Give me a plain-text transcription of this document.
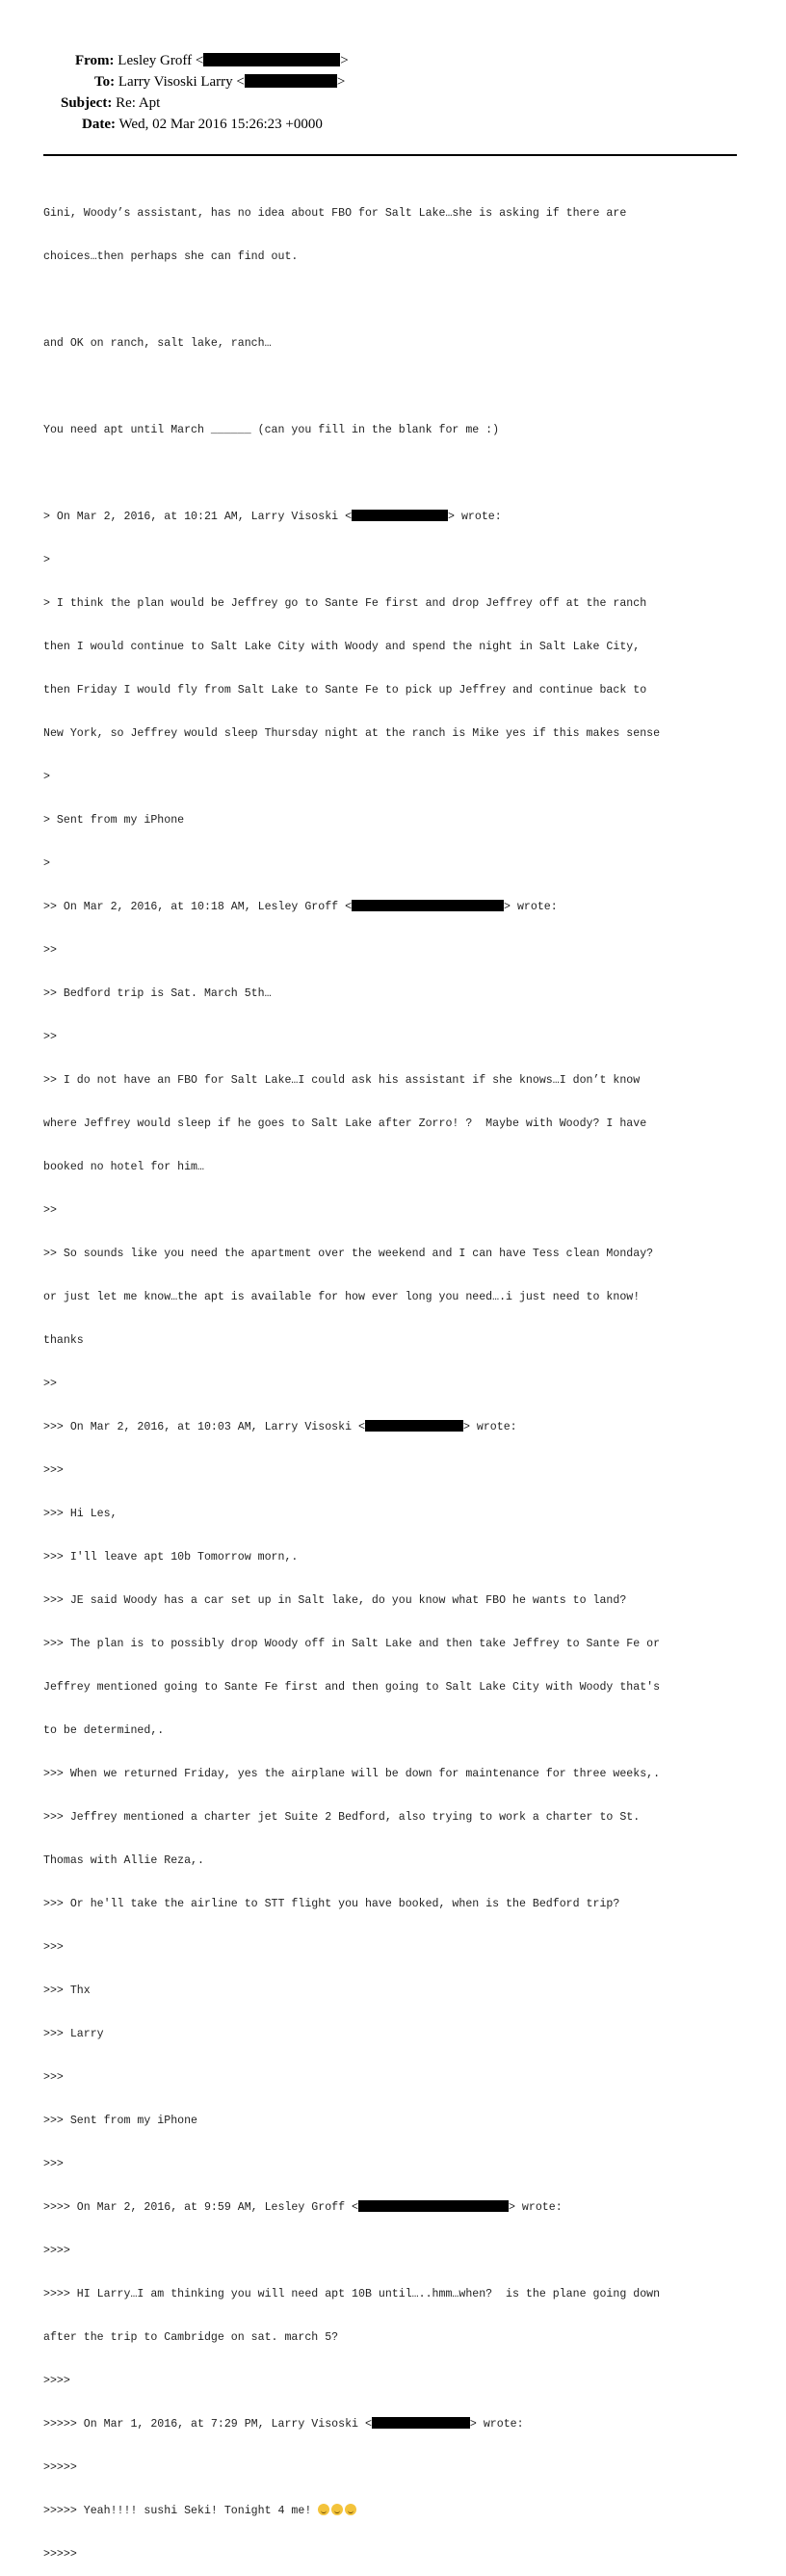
From: Lesley Groff <	>
To: Larry Visoski Larry <	>
Subject: Re: Apt
Date: Wed, 02 Mar 2016 15:26:23 +0000

Gini, Woody’s assistant, has no idea about FBO for Salt Lake…she is asking if there are

choices…then perhaps she can find out.

and OK on ranch, salt lake, ranch…

You need apt until March ______ (can you fill in the blank for me :)

> On Mar 2, 2016, at 10:21 AM, Larry Visoski <	> wrote:

>

> I think the plan would be Jeffrey go to Sante Fe first and drop Jeffrey off at the ranch

then I would continue to Salt Lake City with Woody and spend the night in Salt Lake City,

then Friday I would fly from Salt Lake to Sante Fe to pick up Jeffrey and continue back to

New York, so Jeffrey would sleep Thursday night at the ranch is Mike yes if this makes sense

>

> Sent from my iPhone

>

>> On Mar 2, 2016, at 10:18 AM, Lesley Groff <	> wrote:

>>

>> Bedford trip is Sat. March 5th…

>>

>> I do not have an FBO for Salt Lake…I could ask his assistant if she knows…I don’t know

where Jeffrey would sleep if he goes to Salt Lake after Zorro! ?  Maybe with Woody? I have

booked no hotel for him…

>>

>> So sounds like you need the apartment over the weekend and I can have Tess clean Monday?

or just let me know…the apt is available for how ever long you need….i just need to know!

thanks

>>

>>> On Mar 2, 2016, at 10:03 AM, Larry Visoski <	> wrote:

>>>

>>> Hi Les,

>>> I'll leave apt 10b Tomorrow morn,.

>>> JE said Woody has a car set up in Salt lake, do you know what FBO he wants to land?

>>> The plan is to possibly drop Woody off in Salt Lake and then take Jeffrey to Sante Fe or

Jeffrey mentioned going to Sante Fe first and then going to Salt Lake City with Woody that's

to be determined,.

>>> When we returned Friday, yes the airplane will be down for maintenance for three weeks,.

>>> Jeffrey mentioned a charter jet Suite 2 Bedford, also trying to work a charter to St.

Thomas with Allie Reza,.

>>> Or he'll take the airline to STT flight you have booked, when is the Bedford trip?

>>>

>>> Thx

>>> Larry

>>>

>>> Sent from my iPhone

>>>

>>>> On Mar 2, 2016, at 9:59 AM, Lesley Groff <	> wrote:

>>>>

>>>> HI Larry…I am thinking you will need apt 10B until…..hmm…when?  is the plane going down

after the trip to Cambridge on sat. march 5?

>>>>

>>>>> On Mar 1, 2016, at 7:29 PM, Larry Visoski <	> wrote:

>>>>>

>>>>> Yeah!!!! sushi Seki! Tonight 4 me!

>>>>>
